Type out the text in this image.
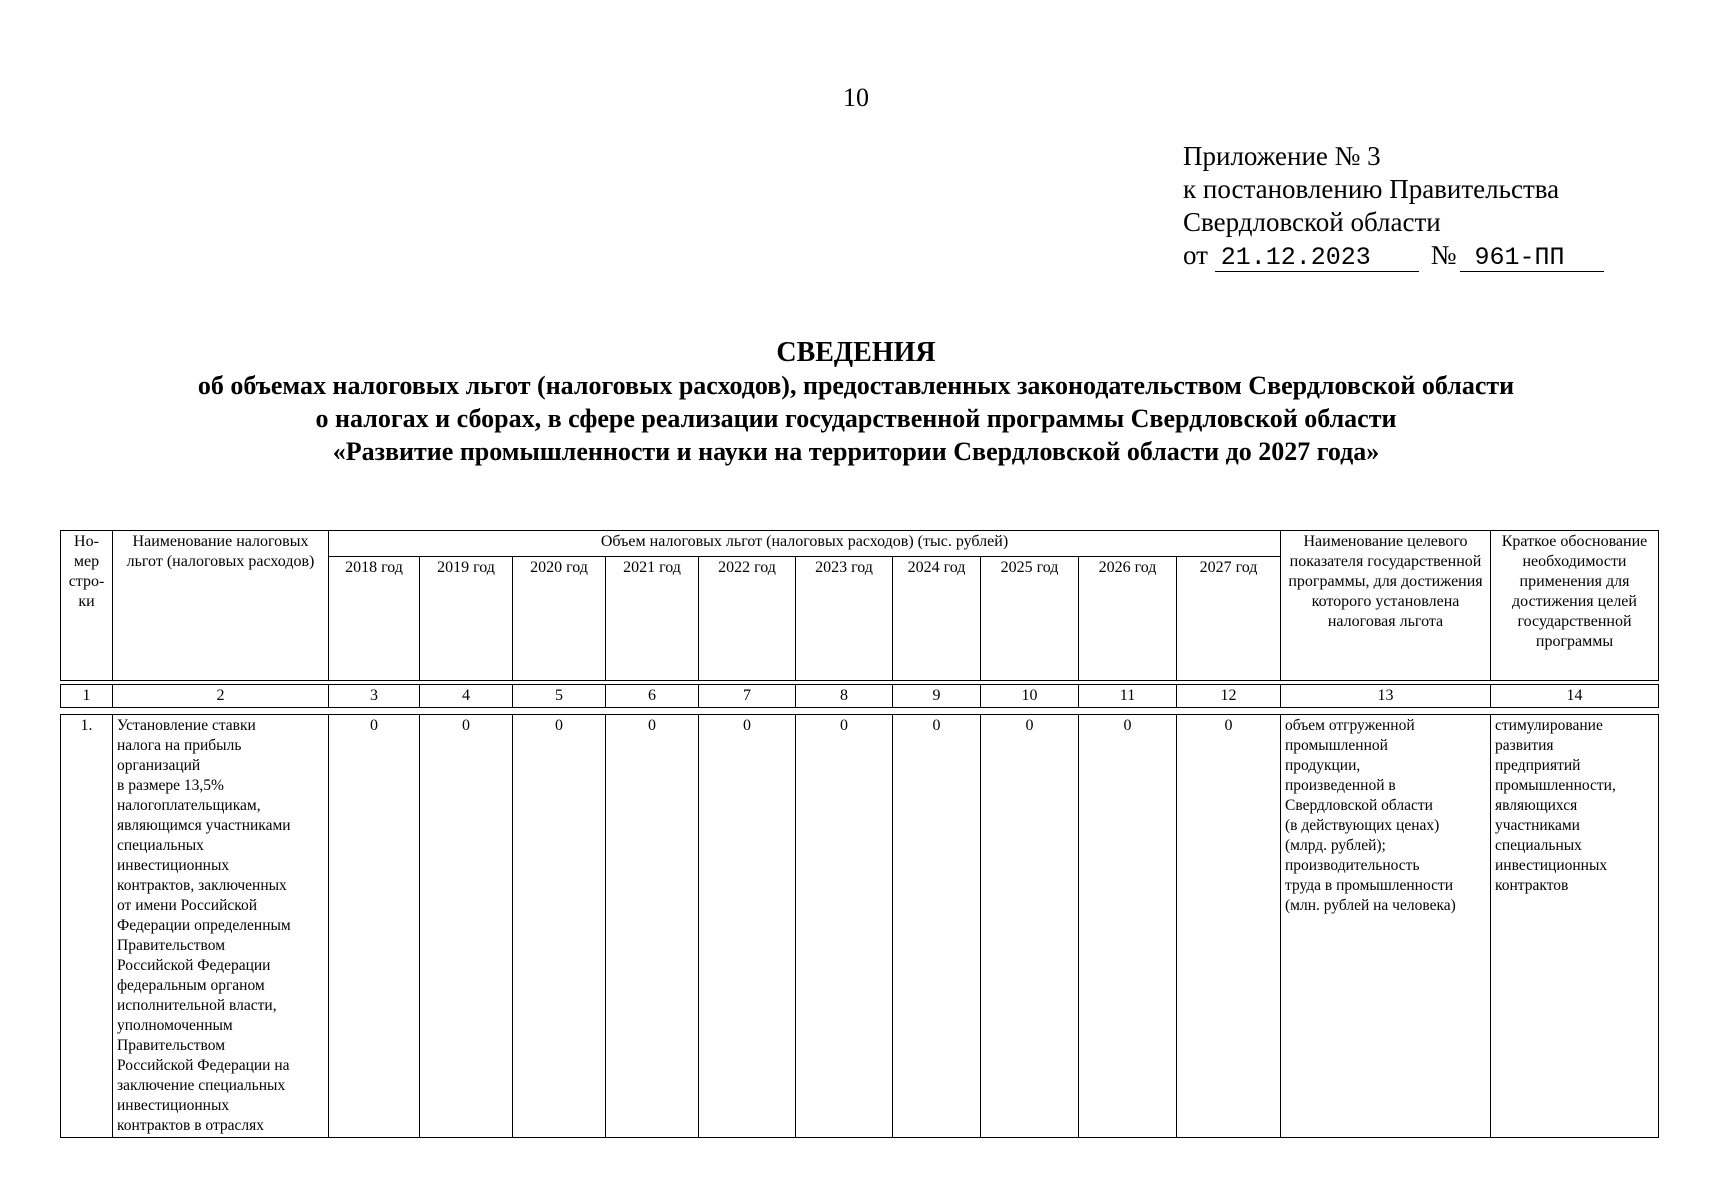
10
Приложение № 3
к постановлению Правительства
Свердловской области
от 21.12.2023 № 961-ПП
СВЕДЕНИЯ
об объемах налоговых льгот (налоговых расходов), предоставленных законодательством Свердловской области
о налогах и сборах, в сфере реализации государственной программы Свердловской области
«Развитие промышленности и науки на территории Свердловской области до 2027 года»
Но-
мер
стро-
ки	Наименование налоговых льгот (налоговых расходов)	Объем налоговых льгот (налоговых расходов) (тыс. рублей)										Наименование целевого показателя государственной программы, для достижения которого установлена налоговая льгота	Краткое обоснование необходимости применения для достижения целей государственной программы
		2018 год	2019 год	2020 год	2021 год	2022 год	2023 год	2024 год	2025 год	2026 год	2027 год		
1	2	3	4	5	6	7	8	9	10	11	12	13	14
1.	Установление ставки
налога на прибыль
организаций
в размере 13,5%
налогоплательщикам,
являющимся участниками
специальных
инвестиционных
контрактов, заключенных
от имени Российской
Федерации определенным
Правительством
Российской Федерации
федеральным органом
исполнительной власти,
уполномоченным
Правительством
Российской Федерации на
заключение специальных
инвестиционных
контрактов в отраслях	0	0	0	0	0	0	0	0	0	0	объем отгруженной
промышленной
продукции,
произведенной в
Свердловской области
(в действующих ценах)
(млрд. рублей);
производительность
труда в промышленности
(млн. рублей на человека)	стимулирование
развития
предприятий
промышленности,
являющихся
участниками
специальных
инвестиционных
контрактов
